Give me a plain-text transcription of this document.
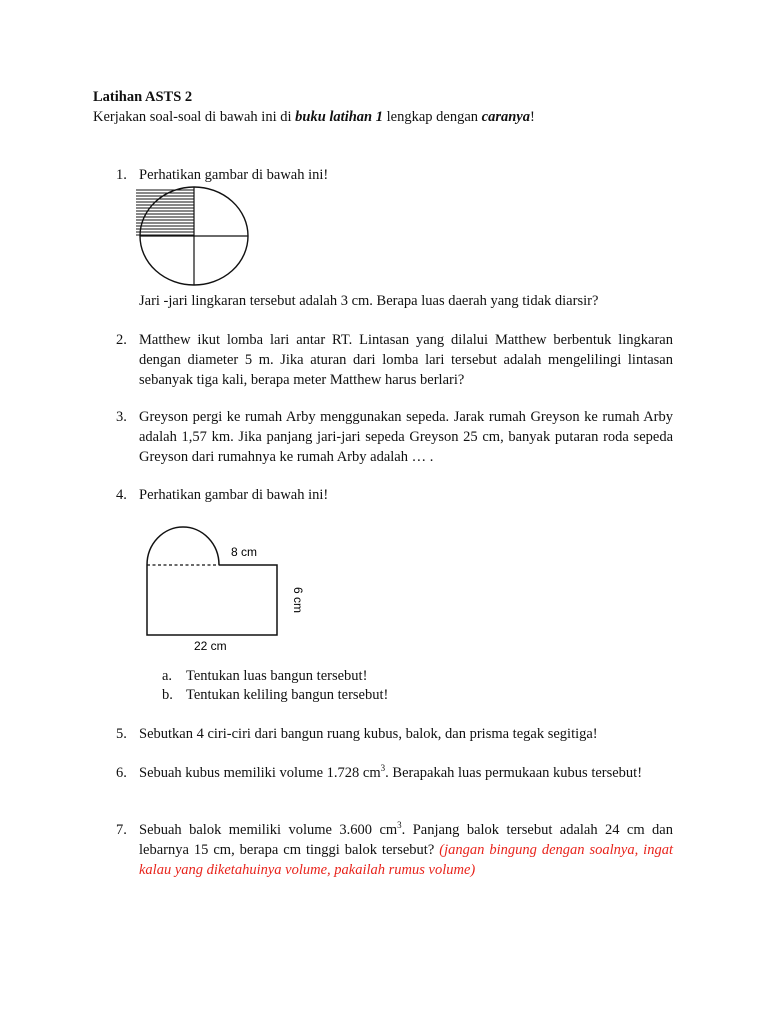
Latihan ASTS 2
Kerjakan soal-soal di bawah ini di buku latihan 1 lengkap dengan caranya!
1. Perhatikan gambar di bawah ini!
Jari -jari lingkaran tersebut adalah 3 cm. Berapa luas daerah yang tidak diarsir?
2. Matthew ikut lomba lari antar RT. Lintasan yang dilalui Matthew berbentuk lingkaran dengan diameter 5 m. Jika aturan dari lomba lari tersebut adalah mengelilingi lintasan sebanyak tiga kali, berapa meter Matthew harus berlari?
3. Greyson pergi ke rumah Arby menggunakan sepeda. Jarak rumah Greyson ke rumah Arby adalah 1,57 km. Jika panjang jari-jari sepeda Greyson 25 cm, banyak putaran roda sepeda Greyson dari rumahnya ke rumah Arby adalah … .
4. Perhatikan gambar di bawah ini!
8 cm
6 cm
22 cm
a. Tentukan luas bangun tersebut!
b. Tentukan keliling bangun tersebut!
5. Sebutkan 4 ciri-ciri dari bangun ruang kubus, balok, dan prisma tegak segitiga!
6. Sebuah kubus memiliki volume 1.728 $cm^3$. Berapakah luas permukaan kubus tersebut!
7. Sebuah balok memiliki volume 3.600 $cm^3$. Panjang balok tersebut adalah 24 cm dan lebarnya 15 cm, berapa cm tinggi balok tersebut? (jangan bingung dengan soalnya, ingat kalau yang diketahuinya volume, pakailah rumus volume)
